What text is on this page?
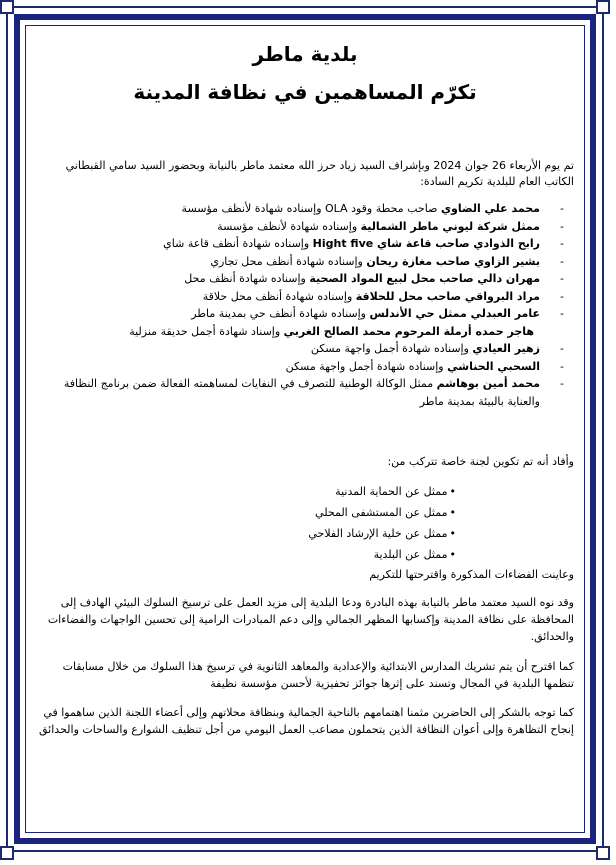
بلدية ماطر
تكرّم المساهمين في نظافة المدينة
تم يوم الأربعاء 26 جوان 2024 وبإشراف السيد زياد حرز الله معتمد ماطر بالنيابة وبحضور السيد سامي القبطاني الكاتب العام للبلدية تكريم السادة:
-
محمد علي الضاوي صاحب محطة وقود OLA وإسناده شهادة لأنظف مؤسسة
-
ممثل شركة ليوني ماطر الشمالية وإسناده شهادة لأنظف مؤسسة
-
رابح الذوادي صاحب قاعة شاي Hight five وإسناده شهادة أنظف قاعة شاي
-
بشير الزاوي صاحب مغازة ريحان وإسناده شهادة أنظف محل تجاري
-
مهران دالي صاحب محل لبيع المواد الصحية وإسناده شهادة أنظف محل
-
مراد البرواقي صاحب محل للحلاقة وإسناده شهادة أنظف محل حلاقة
-
عامر العبدلي ممثل حي الأندلس وإسناده شهادة أنظف حي بمدينة ماطر
هاجر حمده أرملة المرحوم محمد الصالح الغربي وإسناد شهادة أجمل حديقة منزلية
-
زهير العيادي وإسناده شهادة أجمل واجهة مسكن
-
السحبي الحناشي وإسناده شهادة أجمل واجهة مسكن
-
محمد أمين بوهاشم ممثل الوكالة الوطنية للتصرف في النفايات لمساهمته الفعالة ضمن برنامج النظافة والعناية بالبيئة بمدينة ماطر
وأفاد أنه تم تكوين لجنة خاصة تتركب من:
•ممثل عن الحماية المدنية
•ممثل عن المستشفى المحلي
•ممثل عن خلية الإرشاد الفلاحي
•ممثل عن البلدية
وعاينت الفضاءات المذكورة واقترحتها للتكريم
وقد نوه السيد معتمد ماطر بالنيابة بهذه البادرة ودعا البلدية إلى مزيد العمل على ترسيخ السلوك البيئي الهادف إلى المحافظة على نظافة المدينة وإكسابها المظهر الجمالي وإلى دعم المبادرات الرامية إلى تحسين الواجهات والفضاءات والحدائق.
كما اقترح أن يتم تشريك المدارس الابتدائية والإعدادية والمعاهد الثانوية في ترسيخ هذا السلوك من خلال مسابقات تنظمها البلدية في المجال وتسند على إثرها جوائز تحفيزية لأحسن مؤسسة نظيفة
كما توجه بالشكر إلى الحاضرين مثمنا اهتمامهم بالناحية الجمالية وبنظافة محلاتهم وإلى أعضاء اللجنة الذين ساهموا في إنجاح التظاهرة وإلى أعوان النظافة الذين يتحملون مصاعب العمل اليومي من أجل تنظيف الشوارع والساحات والحدائق
